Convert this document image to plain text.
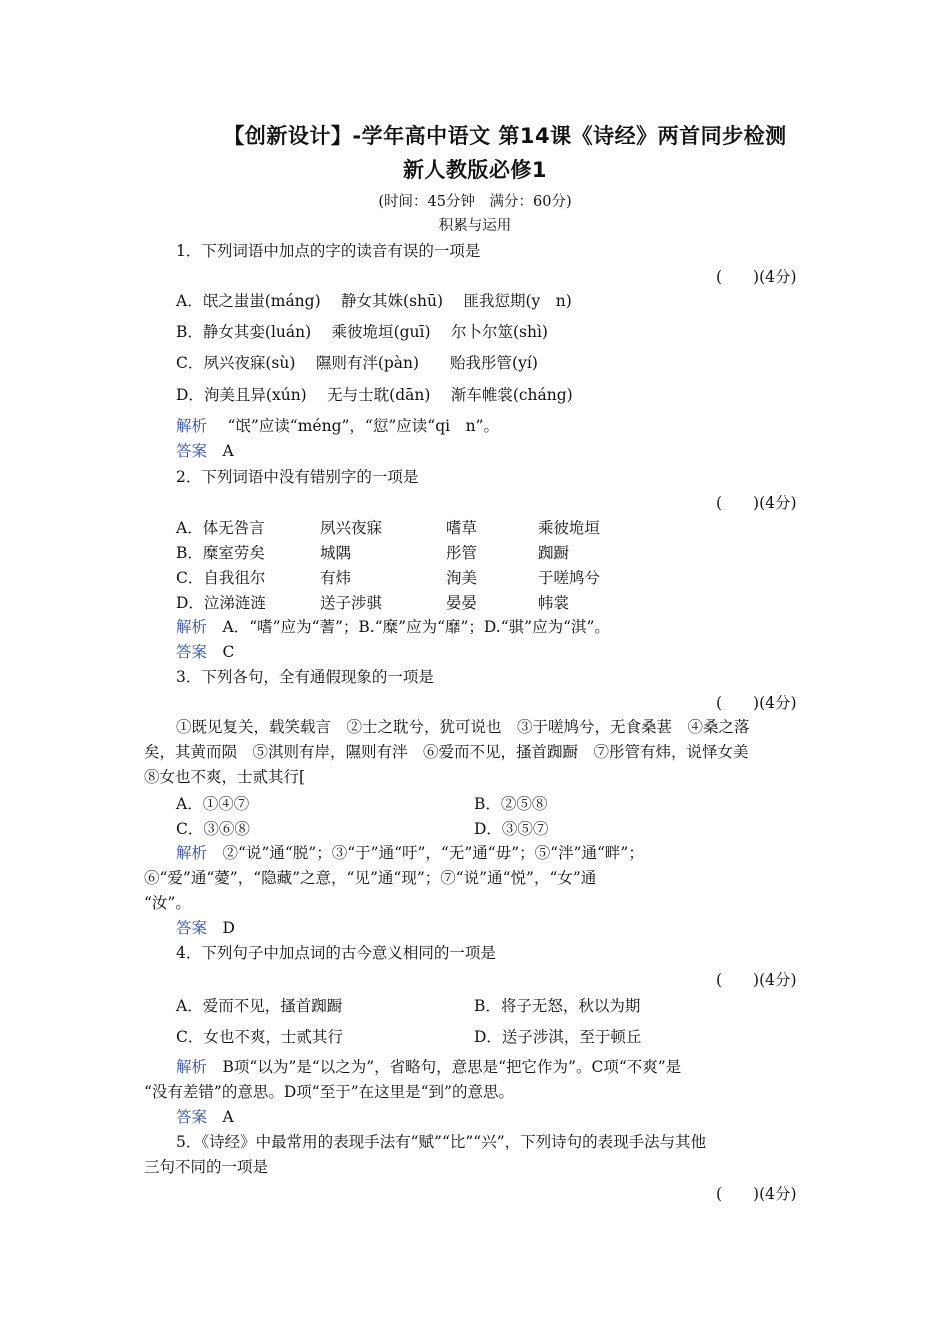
【创新设计】-学年高中语文 第14课《诗经》两首同步检测
新人教版必修1
(时间：45分钟　满分：60分)
积累与运用
1．下列词语中加点的字的读音有误的一项是
(　　)(4分)
A．氓之蚩蚩(máng)　 静女其姝(shū)　 匪我愆期(y　n)
B．静女其娈(luán)　 乘彼垝垣(guī)　 尔卜尔筮(shì)
C．夙兴夜寐(sù)　 隰则有泮(pàn)　　贻我彤管(yí)
D．洵美且异(xún)　 无与士耽(dān)　 渐车帷裳(cháng)
解析　 “氓”应读“méng”，“愆”应读“qi　n”。
答案　 A
2．下列词语中没有错别字的一项是
(　　)(4分)
A．体无咎言	夙兴夜寐	嗜草	乘彼垝垣
B．糜室劳矣	城隅	彤管	踟蹰
C．自我徂尔	有炜	洵美	于嗟鸠兮
D．泣涕涟涟	送子涉骐	晏晏	帏裳
解析　 A．“嗜”应为“蓍”；B.“糜”应为“靡”；D.“骐”应为“淇”。
答案　 C
3．下列各句，全有通假现象的一项是
(　　)(4分)
①既见复关，载笑载言　②士之耽兮，犹可说也　③于嗟鸠兮，无食桑葚　④桑之落
矣，其黄而陨　⑤淇则有岸，隰则有泮　⑥爱而不见，搔首踟蹰　⑦彤管有炜，说怿女美
⑧女也不爽，士贰其行[
A．①④⑦	B．②⑤⑧
C．③⑥⑧	D．③⑤⑦
解析　 ②“说”通“脱”；③“于”通“吁”，“无”通“毋”；⑤“泮”通“畔”；
⑥“爱”通“薆”，“隐藏”之意，“见”通“现”；⑦“说”通“悦”，“女”通
“汝”。
答案　 D
4．下列句子中加点词的古今意义相同的一项是
(　　)(4分)
A．爱而不见，搔首踟蹰	B．将子无怒，秋以为期
C．女也不爽，士贰其行	D．送子涉淇，至于顿丘
解析　 B项“以为”是“以之为”，省略句，意思是“把它作为”。C项“不爽”是
“没有差错”的意思。D项“至于”在这里是“到”的意思。
答案　 A
5．《诗经》中最常用的表现手法有“赋”“比”“兴”，下列诗句的表现手法与其他
三句不同的一项是
(　　)(4分)
